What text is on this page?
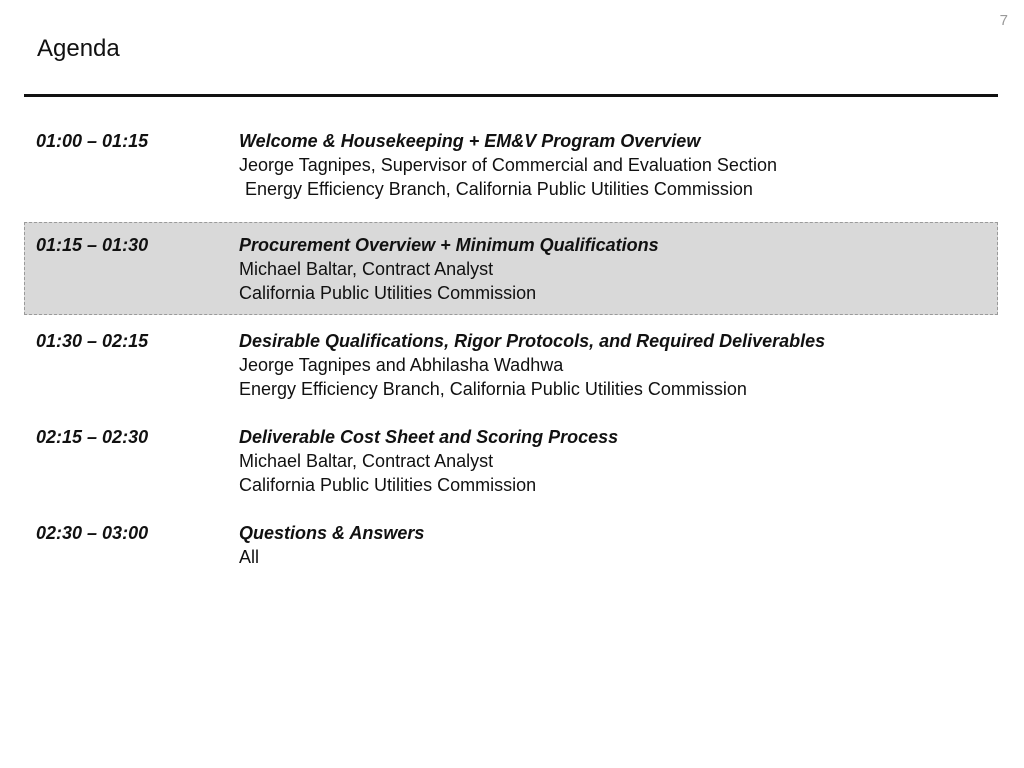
7
Agenda
01:00 – 01:15	Welcome & Housekeeping + EM&V Program Overview
Jeorge Tagnipes, Supervisor of Commercial and Evaluation Section
Energy Efficiency Branch, California Public Utilities Commission
01:15 – 01:30	Procurement Overview + Minimum Qualifications
Michael Baltar, Contract Analyst
California Public Utilities Commission
01:30 – 02:15	Desirable Qualifications, Rigor Protocols, and Required Deliverables
Jeorge Tagnipes and Abhilasha Wadhwa
Energy Efficiency Branch, California Public Utilities Commission
02:15 – 02:30	Deliverable Cost Sheet and Scoring Process
Michael Baltar, Contract Analyst
California Public Utilities Commission
02:30 – 03:00	Questions & Answers
All
